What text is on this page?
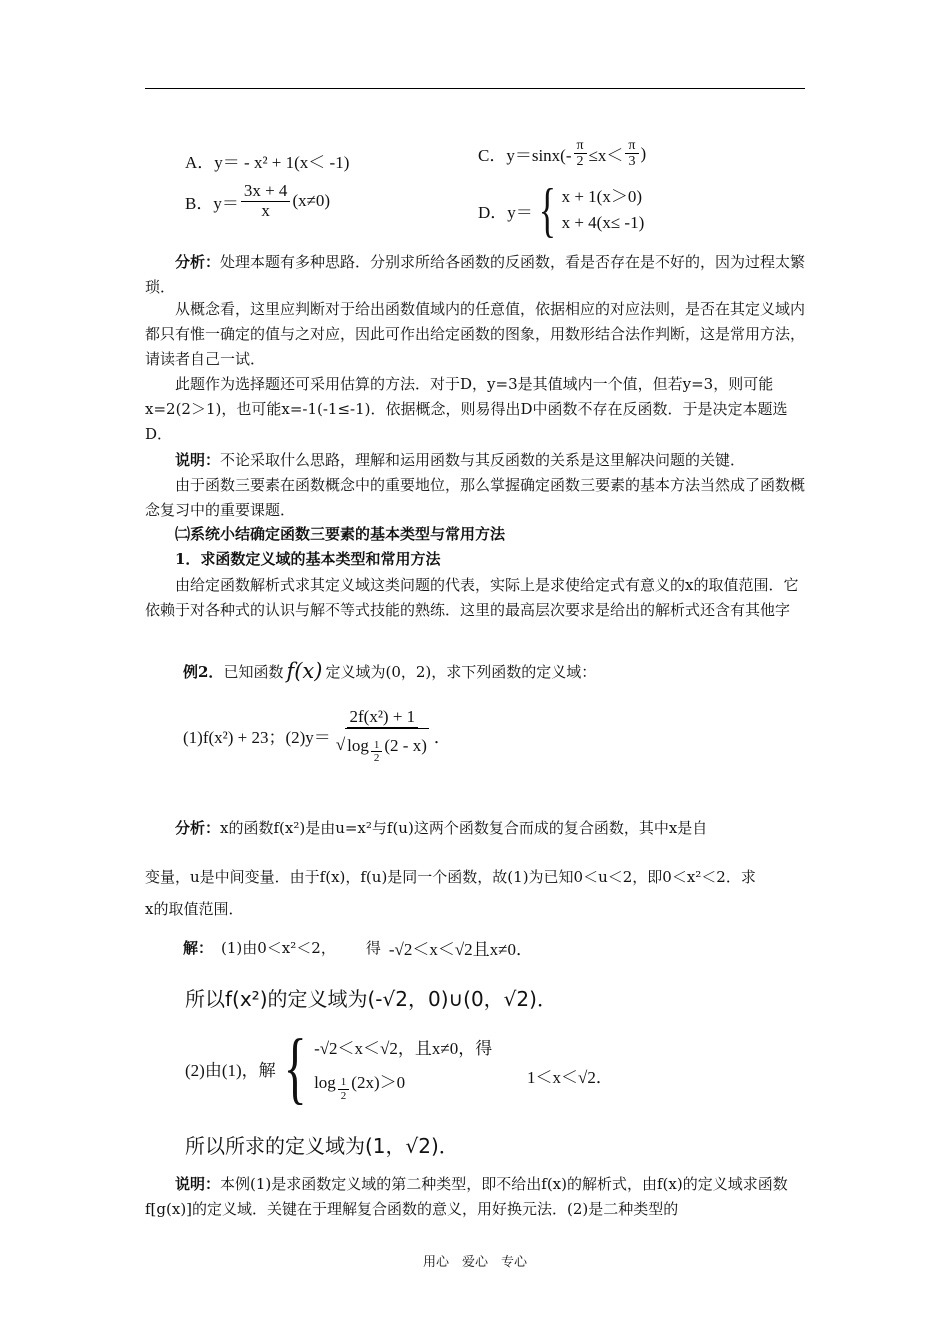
A．y＝ - x² + 1(x＜ -1)
B．$y= \frac{3x + 4}{x} (x\ne 0)$
C．$y=\sin x(- \frac{\pi}{2} \le x< \frac{\pi}{3}$ )
D．y＝ { x + 1(x＞0)
x + 4(x≤ -1)
分析：处理本题有多种思路．分别求所给各函数的反函数，看是否存在是不好的，因为过程太繁琐．
从概念看，这里应判断对于给出函数值域内的任意值，依据相应的对应法则，是否在其定义域内都只有惟一确定的值与之对应，因此可作出给定函数的图象，用数形结合法作判断，这是常用方法，请读者自己一试．
此题作为选择题还可采用估算的方法．对于D，y=3是其值域内一个值，但若y=3，则可能x=2(2＞1)，也可能x=-1(-1≤-1)．依据概念，则易得出D中函数不存在反函数．于是决定本题选D．
说明：不论采取什么思路，理解和运用函数与其反函数的关系是这里解决问题的关键．
由于函数三要素在函数概念中的重要地位，那么掌握确定函数三要素的基本方法当然成了函数概念复习中的重要课题．
㈡系统小结确定函数三要素的基本类型与常用方法
1．求函数定义域的基本类型和常用方法
由给定函数解析式求其定义域这类问题的代表，实际上是求使给定式有意义的x的取值范围．它依赖于对各种式的认识与解不等式技能的熟练．这里的最高层次要求是给出的解析式还含有其他字
例2． 已知函数 f(x) 定义域为(0，2)，求下列函数的定义域：
(1)f(x²) + 23；(2)y＝
2f(x²) + 1
√ $\log \frac{1}{2} (2 - x)$ ．
分析：x的函数f(x²)是由u=x²与f(u)这两个函数复合而成的复合函数，其中x是自
变量，u是中间变量．由于f(x)，f(u)是同一个函数，故(1)为已知0＜u＜2，即0＜x²＜2．求
x的取值范围．
解： (1)由0＜x²＜2， 得 -√2＜x＜√2且x≠0．
所以f(x²)的定义域为(-√2，0)∪(0，√2)．
(2)由(1)，解 { -√2＜x＜√2，且x≠0，得
$\log \frac{1}{2} (2x)>0$	1＜x＜√2．
所以所求的定义域为(1，√2)．
说明：本例(1)是求函数定义域的第二种类型，即不给出f(x)的解析式，由f(x)的定义域求函数f[g(x)]的定义域．关键在于理解复合函数的意义，用好换元法．(2)是二种类型的
用心　爱心　专心
